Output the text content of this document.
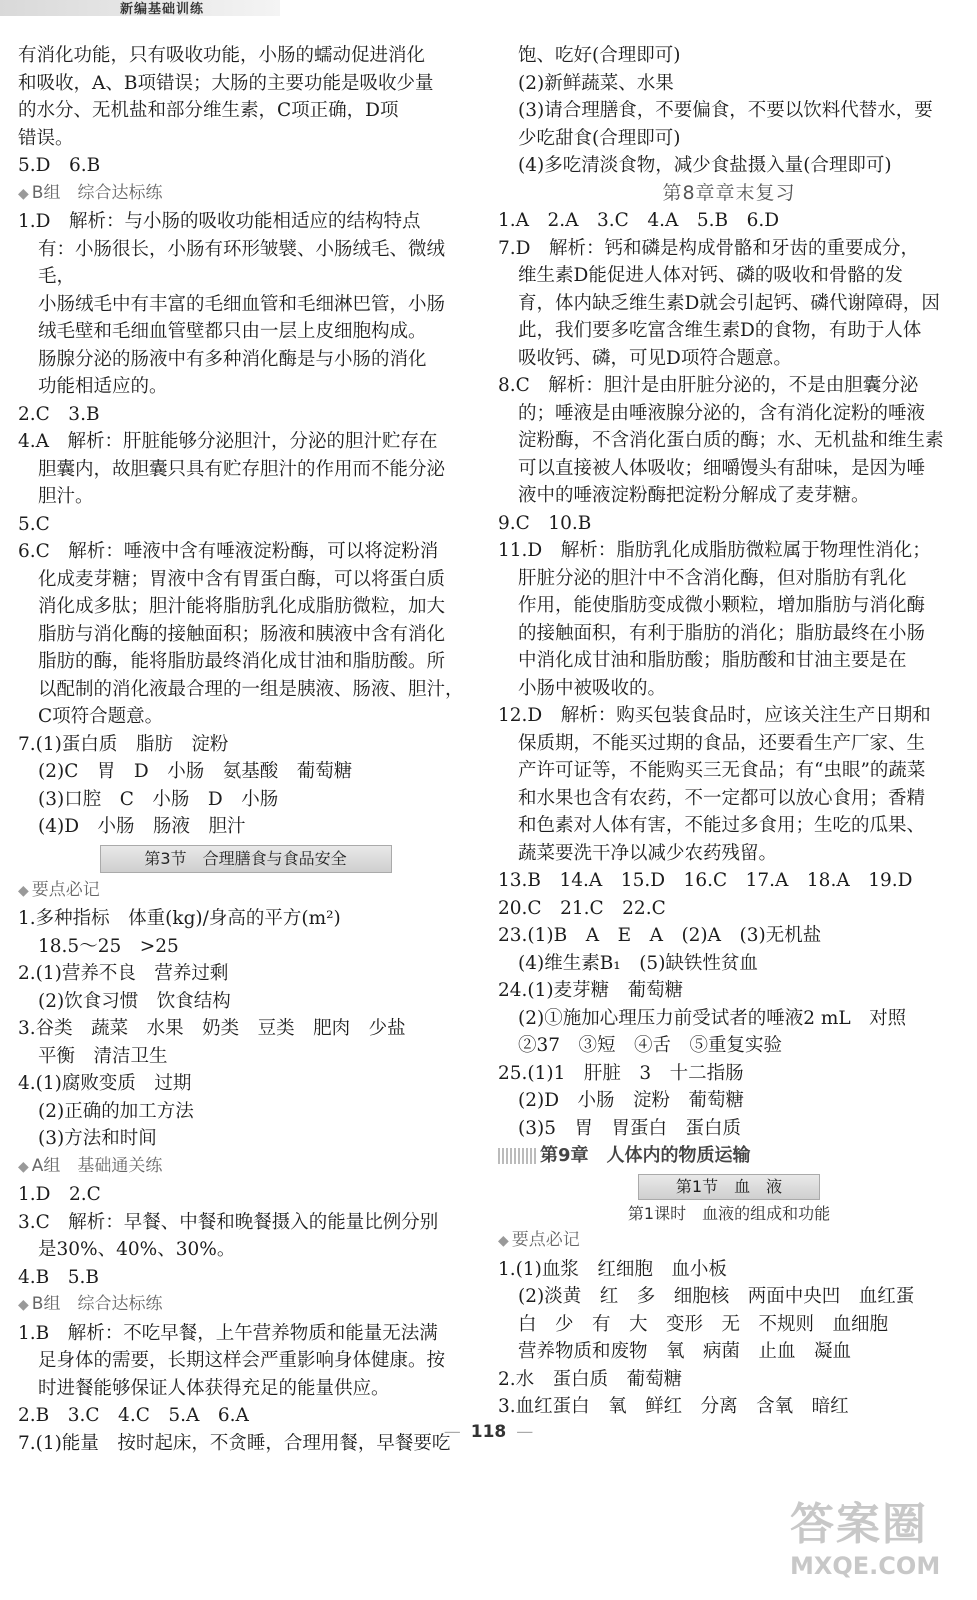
新编基础训练
有消化功能，只有吸收功能，小肠的蠕动促进消化
和吸收，A、B项错误；大肠的主要功能是吸收少量
的水分、无机盐和部分维生素，C项正确，D项
错误。
5.D　6.B
◆ B组　综合达标练
1.D　解析：与小肠的吸收功能相适应的结构特点
有：小肠很长，小肠有环形皱襞、小肠绒毛、微绒毛，
小肠绒毛中有丰富的毛细血管和毛细淋巴管，小肠
绒毛壁和毛细血管壁都只由一层上皮细胞构成。
肠腺分泌的肠液中有多种消化酶是与小肠的消化
功能相适应的。
2.C　3.B
4.A　解析：肝脏能够分泌胆汁，分泌的胆汁贮存在
胆囊内，故胆囊只具有贮存胆汁的作用而不能分泌
胆汁。
5.C
6.C　解析：唾液中含有唾液淀粉酶，可以将淀粉消
化成麦芽糖；胃液中含有胃蛋白酶，可以将蛋白质
消化成多肽；胆汁能将脂肪乳化成脂肪微粒，加大
脂肪与消化酶的接触面积；肠液和胰液中含有消化
脂肪的酶，能将脂肪最终消化成甘油和脂肪酸。所
以配制的消化液最合理的一组是胰液、肠液、胆汁，
C项符合题意。
7.(1)蛋白质　脂肪　淀粉
(2)C　胃　D　小肠　氨基酸　葡萄糖
(3)口腔　C　小肠　D　小肠
(4)D　小肠　肠液　胆汁
第3节　合理膳食与食品安全
◆ 要点必记
1.多种指标　体重(kg)/身高的平方(m²)
18.5～25　>25
2.(1)营养不良　营养过剩
(2)饮食习惯　饮食结构
3.谷类　蔬菜　水果　奶类　豆类　肥肉　少盐
平衡　清洁卫生
4.(1)腐败变质　过期
(2)正确的加工方法
(3)方法和时间
◆ A组　基础通关练
1.D　2.C
3.C　解析：早餐、中餐和晚餐摄入的能量比例分别
是30%、40%、30%。
4.B　5.B
◆ B组　综合达标练
1.B　解析：不吃早餐，上午营养物质和能量无法满
足身体的需要，长期这样会严重影响身体健康。按
时进餐能够保证人体获得充足的能量供应。
2.B　3.C　4.C　5.A　6.A
7.(1)能量　按时起床，不贪睡，合理用餐，早餐要吃
饱、吃好(合理即可)
(2)新鲜蔬菜、水果
(3)请合理膳食，不要偏食，不要以饮料代替水，要
少吃甜食(合理即可)
(4)多吃清淡食物，减少食盐摄入量(合理即可)
第8章章末复习
1.A　2.A　3.C　4.A　5.B　6.D
7.D　解析：钙和磷是构成骨骼和牙齿的重要成分，
维生素D能促进人体对钙、磷的吸收和骨骼的发
育，体内缺乏维生素D就会引起钙、磷代谢障碍，因
此，我们要多吃富含维生素D的食物，有助于人体
吸收钙、磷，可见D项符合题意。
8.C　解析：胆汁是由肝脏分泌的，不是由胆囊分泌
的；唾液是由唾液腺分泌的，含有消化淀粉的唾液
淀粉酶，不含消化蛋白质的酶；水、无机盐和维生素
可以直接被人体吸收；细嚼馒头有甜味，是因为唾
液中的唾液淀粉酶把淀粉分解成了麦芽糖。
9.C　10.B
11.D　解析：脂肪乳化成脂肪微粒属于物理性消化；
肝脏分泌的胆汁中不含消化酶，但对脂肪有乳化
作用，能使脂肪变成微小颗粒，增加脂肪与消化酶
的接触面积，有利于脂肪的消化；脂肪最终在小肠
中消化成甘油和脂肪酸；脂肪酸和甘油主要是在
小肠中被吸收的。
12.D　解析：购买包装食品时，应该关注生产日期和
保质期，不能买过期的食品，还要看生产厂家、生
产许可证等，不能购买三无食品；有“虫眼”的蔬菜
和水果也含有农药，不一定都可以放心食用；香精
和色素对人体有害，不能过多食用；生吃的瓜果、
蔬菜要洗干净以减少农药残留。
13.B　14.A　15.D　16.C　17.A　18.A　19.D
20.C　21.C　22.C
23.(1)B　A　E　A　(2)A　(3)无机盐
(4)维生素B₁　(5)缺铁性贫血
24.(1)麦芽糖　葡萄糖
(2)①施加心理压力前受试者的唾液2 mL　对照
②37　③短　④舌　⑤重复实验
25.(1)1　肝脏　3　十二指肠
(2)D　小肠　淀粉　葡萄糖
(3)5　胃　胃蛋白　蛋白质
第9章　人体内的物质运输
第1节　血　液
第1课时　血液的组成和功能
◆ 要点必记
1.(1)血浆　红细胞　血小板
(2)淡黄　红　多　细胞核　两面中央凹　血红蛋
白　少　有　大　变形　无　不规则　血细胞
营养物质和废物　氧　病菌　止血　凝血
2.水　蛋白质　葡萄糖
3.血红蛋白　氧　鲜红　分离　含氧　暗红
— 118 —
答案圈
MXQE.COM
